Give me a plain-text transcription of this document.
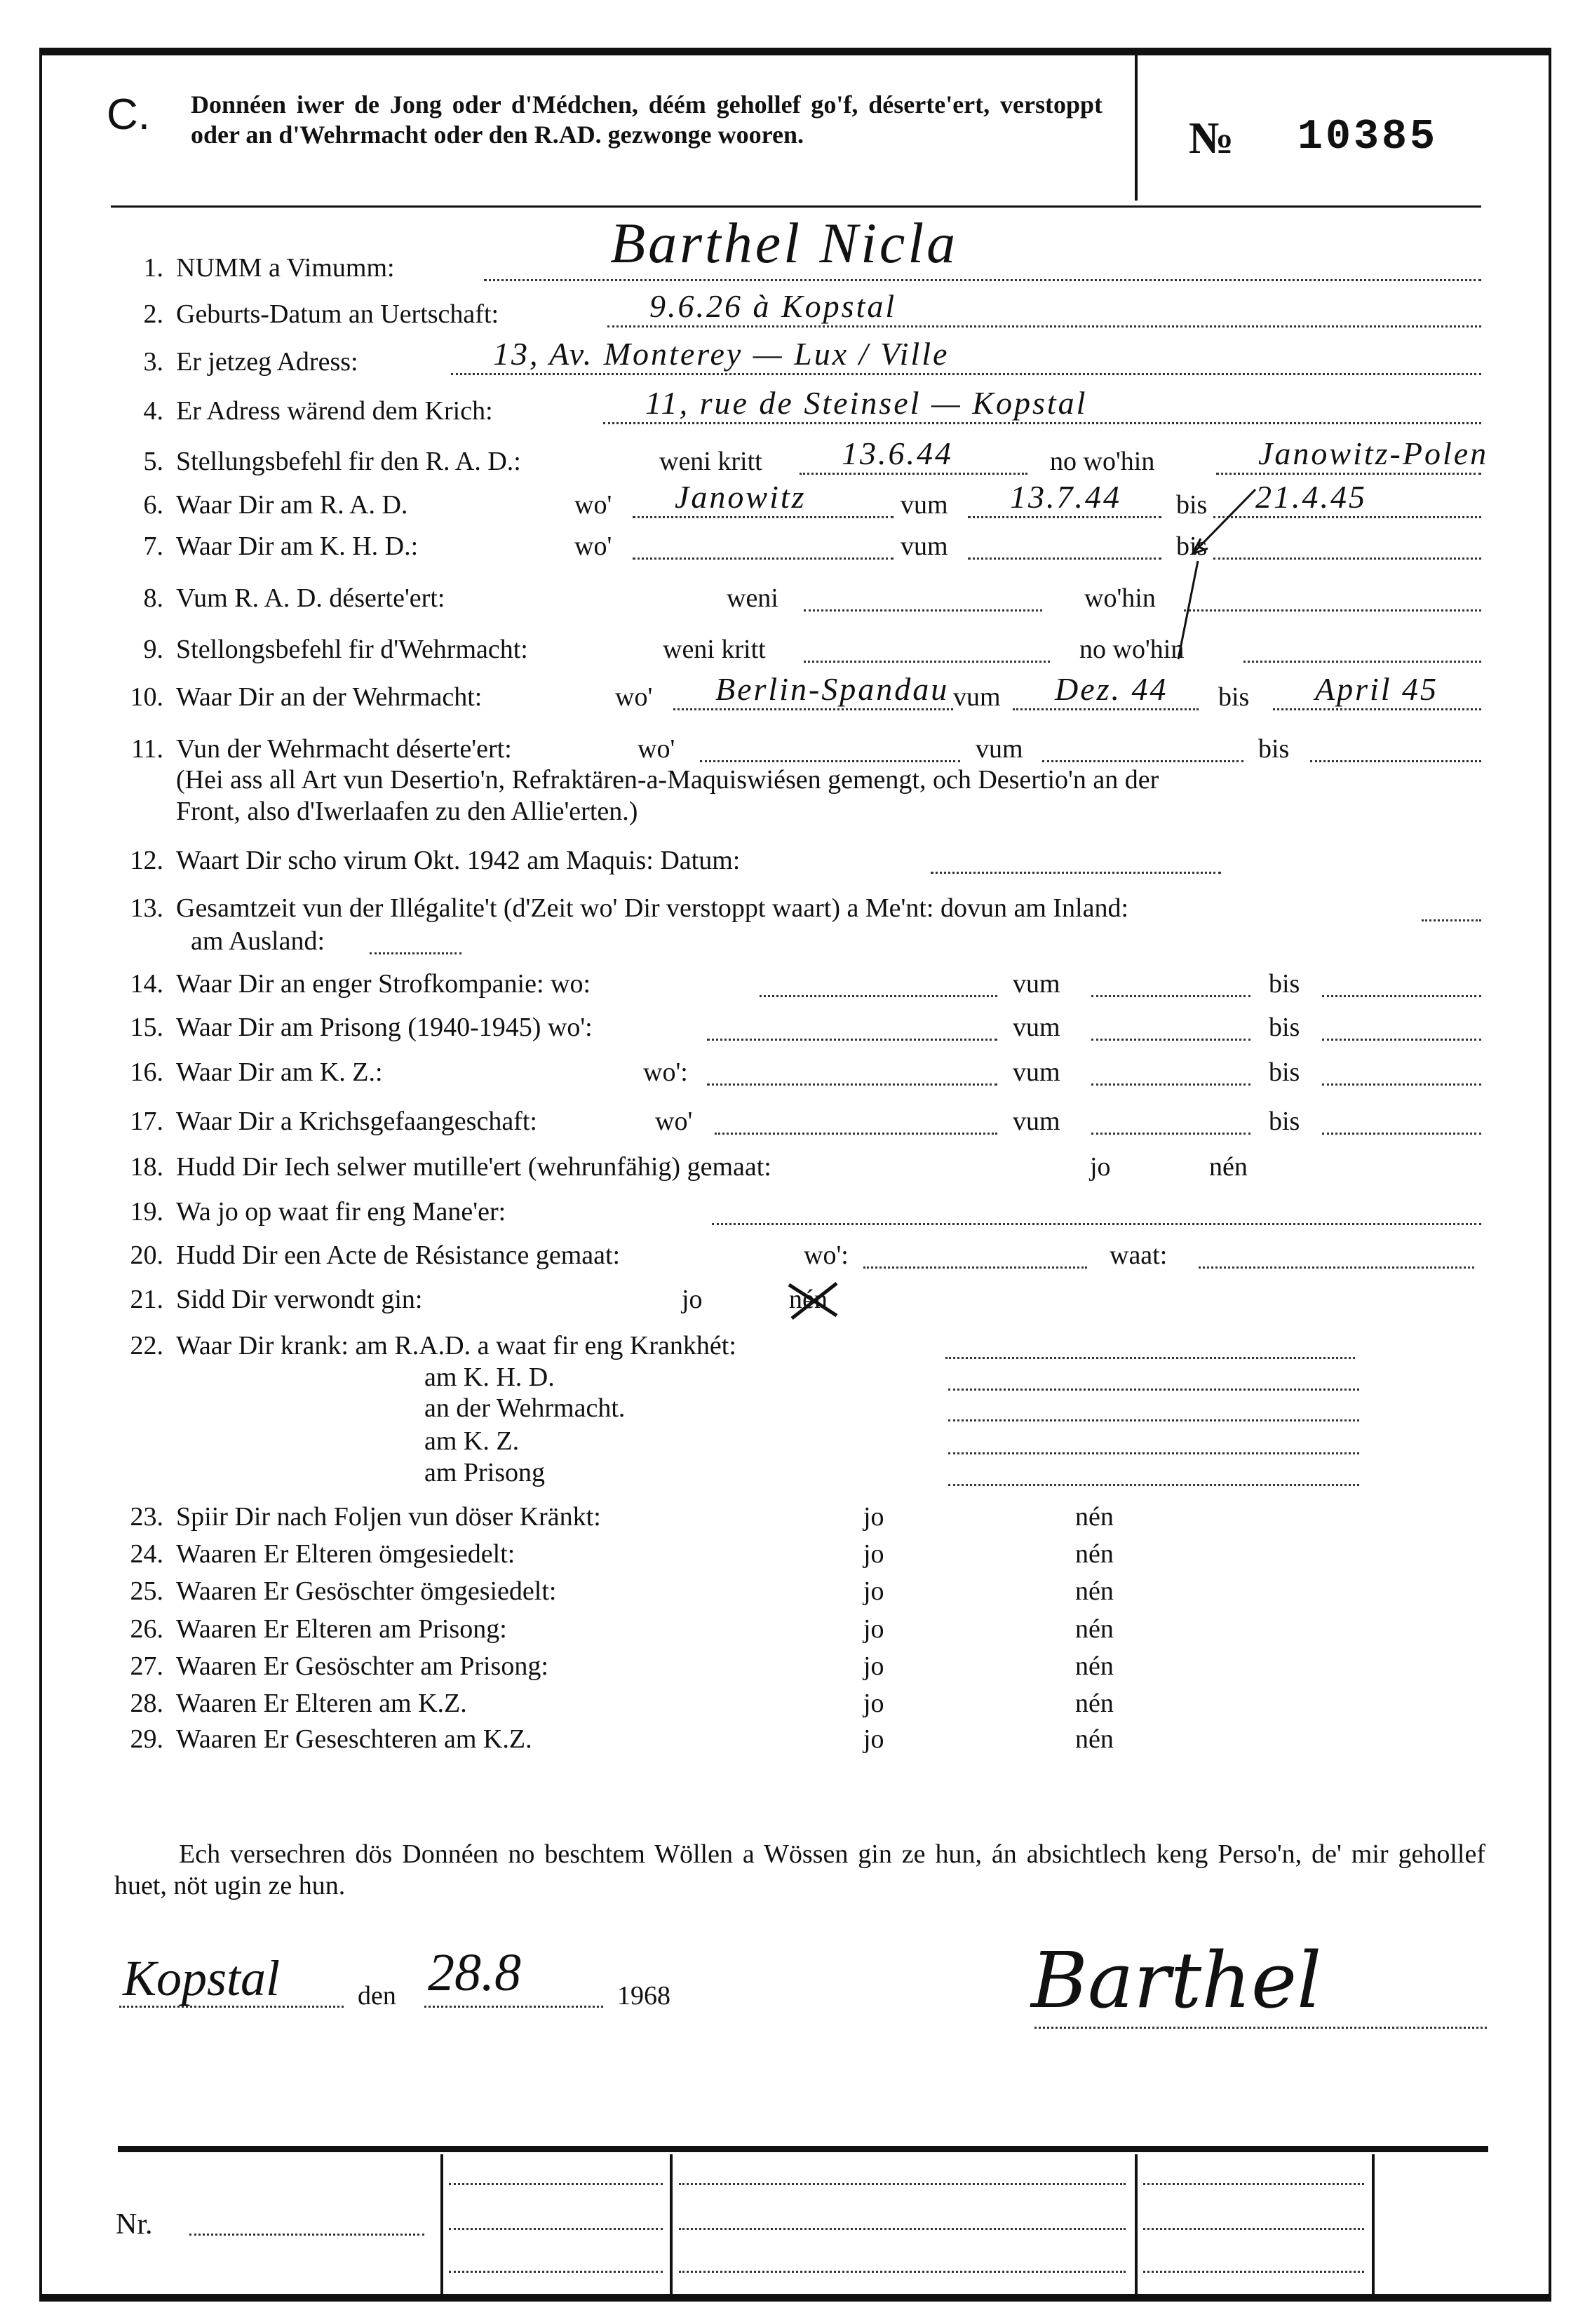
C. Donnéen iwer de Jong oder d'Médchen, déém gehollef go'f, déserte'ert, verstoppt oder an d'Wehrmacht oder den R.AD. gezwonge wooren.	№ 10385
1. NUMM a Vimumm:	Barthel Nicla
2. Geburts-Datum an Uertschaft:	9.6.26 à Kopstal
3. Er jetzeg Adress:	13, Av. Monterey — Lux / Ville
4. Er Adress wärend dem Krich:	11, rue de Steinsel — Kopstal
5. Stellungsbefehl fir den R. A. D.:	weni kritt 13.6.44	no wo'hin	Janowitz-Polen
6. Waar Dir am R. A. D.	wo' Janowitz	vum 13.7.44 bis 21.4.45
7. Waar Dir am K. H. D.:	wo'	vum	bis
8. Vum R. A. D. déserte'ert:	weni	wo'hin
9. Stellongsbefehl fir d'Wehrmacht:	weni kritt	no wo'hin
10. Waar Dir an der Wehrmacht:	wo' Berlin-Spandau vum Dez. 44 bis April 45
11. Vun der Wehrmacht déserte'ert:	wo'	vum	bis
(Hei ass all Art vun Desertio'n, Refraktären-a-Maquiswiésen gemengt, och Desertio'n an der
Front, also d'Iwerlaafen zu den Allie'erten.)
12. Waart Dir scho virum Okt. 1942 am Maquis: Datum:
13. Gesamtzeit vun der Illégalite't (d'Zeit wo' Dir verstoppt waart) a Me'nt: dovun am Inland:
am Ausland:
14. Waar Dir an enger Strofkompanie: wo:	vum	bis
15. Waar Dir am Prisong (1940-1945) wo':	vum	bis
16. Waar Dir am K. Z.:	wo':	vum	bis
17. Waar Dir a Krichsgefaangeschaft:	wo'	vum	bis
18. Hudd Dir Iech selwer mutille'ert (wehrunfähig) gemaat:	jo	nén
19. Wa jo op waat fir eng Mane'er:
20. Hudd Dir een Acte de Résistance gemaat:	wo':	waat:
21. Sidd Dir verwondt gin:	jo	nén
22. Waar Dir krank: am R.A.D. a waat fir eng Krankhét:
am K. H. D.
an der Wehrmacht.
am K. Z.
am Prisong
23. Spiir Dir nach Foljen vun döser Kränkt:	jo	nén
24. Waaren Er Elteren ömgesiedelt:	jo	nén
25. Waaren Er Gesöschter ömgesiedelt:	jo	nén
26. Waaren Er Elteren am Prisong:	jo	nén
27. Waaren Er Gesöschter am Prisong:	jo	nén
28. Waaren Er Elteren am K.Z.	jo	nén
29. Waaren Er Geseschteren am K.Z.	jo	nén
Ech versechren dös Donnéen no beschtem Wöllen a Wössen gin ze hun, án absichtlech keng Perso'n, de' mir gehollef huet, nöt ugin ze hun.
Kopstal	den 28.8	1968	Barthel
Nr.
